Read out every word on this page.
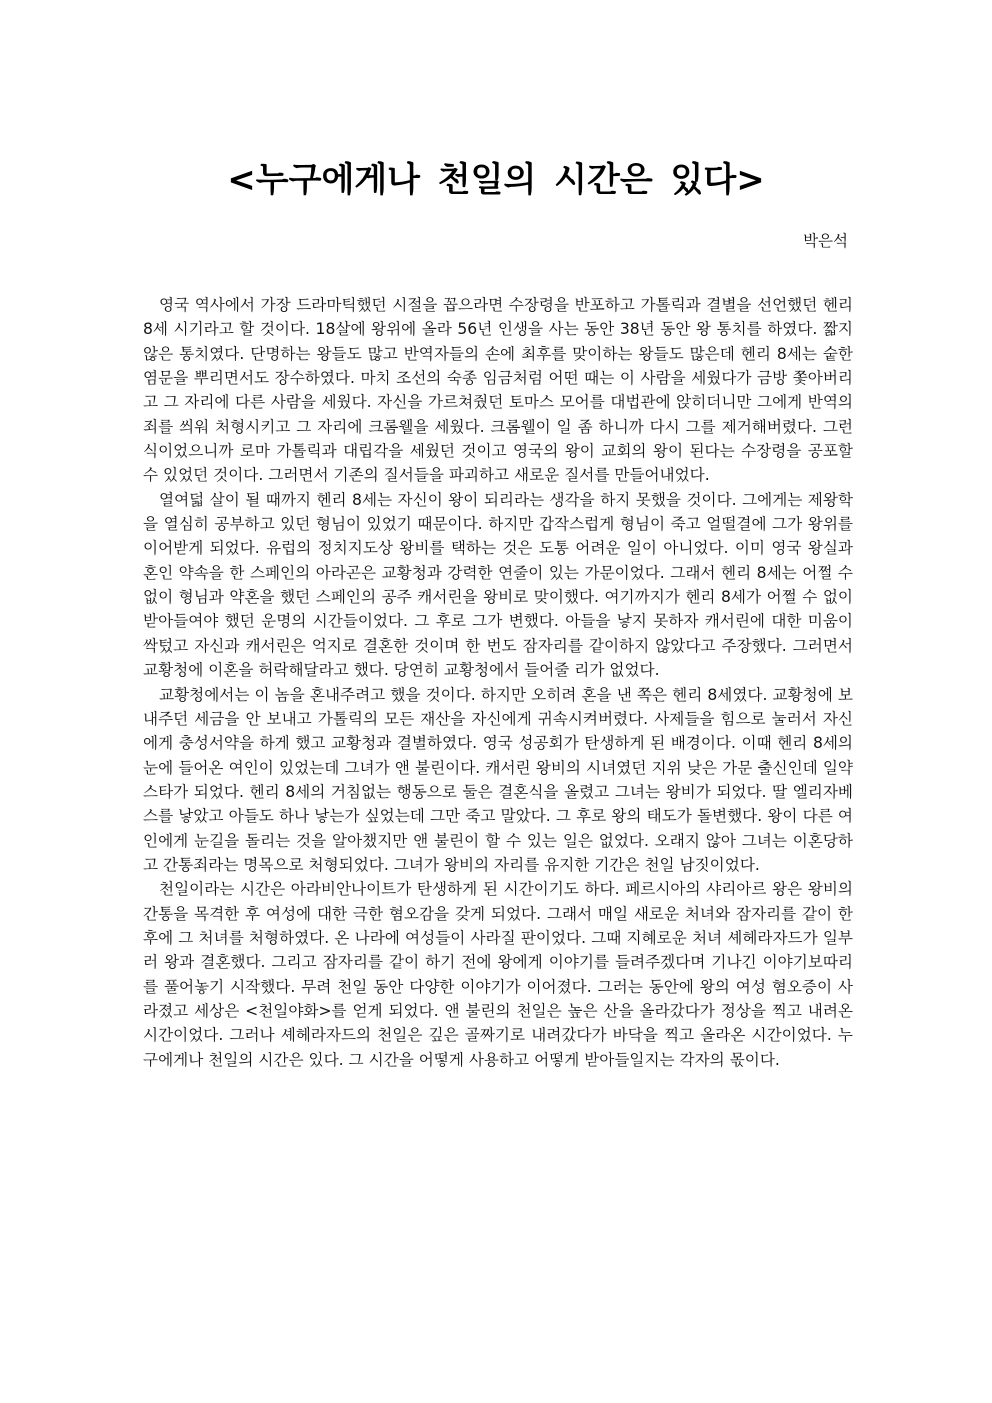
<누구에게나 천일의 시간은 있다>
박은석

영국 역사에서 가장 드라마틱했던 시절을 꼽으라면 수장령을 반포하고 가톨릭과 결별을 선언했던 헨리 8세 시기라고 할 것이다. 18살에 왕위에 올라 56년 인생을 사는 동안 38년 동안 왕 통치를 하였다. 짧지 않은 통치였다. 단명하는 왕들도 많고 반역자들의 손에 최후를 맞이하는 왕들도 많은데 헨리 8세는 숱한 염문을 뿌리면서도 장수하였다. 마치 조선의 숙종 임금처럼 어떤 때는 이 사람을 세웠다가 금방 쫓아버리고 그 자리에 다른 사람을 세웠다. 자신을 가르쳐줬던 토마스 모어를 대법관에 앉히더니만 그에게 반역의 죄를 씌워 처형시키고 그 자리에 크롬웰을 세웠다. 크롬웰이 일 좀 하니까 다시 그를 제거해버렸다. 그런 식이었으니까 로마 가톨릭과 대립각을 세웠던 것이고 영국의 왕이 교회의 왕이 된다는 수장령을 공포할 수 있었던 것이다. 그러면서 기존의 질서들을 파괴하고 새로운 질서를 만들어내었다.

열여덟 살이 될 때까지 헨리 8세는 자신이 왕이 되리라는 생각을 하지 못했을 것이다. 그에게는 제왕학을 열심히 공부하고 있던 형님이 있었기 때문이다. 하지만 갑작스럽게 형님이 죽고 얼떨결에 그가 왕위를 이어받게 되었다. 유럽의 정치지도상 왕비를 택하는 것은 도통 어려운 일이 아니었다. 이미 영국 왕실과 혼인 약속을 한 스페인의 아라곤은 교황청과 강력한 연줄이 있는 가문이었다. 그래서 헨리 8세는 어쩔 수 없이 형님과 약혼을 했던 스페인의 공주 캐서린을 왕비로 맞이했다. 여기까지가 헨리 8세가 어쩔 수 없이 받아들여야 했던 운명의 시간들이었다. 그 후로 그가 변했다. 아들을 낳지 못하자 캐서린에 대한 미움이 싹텄고 자신과 캐서린은 억지로 결혼한 것이며 한 번도 잠자리를 같이하지 않았다고 주장했다. 그러면서 교황청에 이혼을 허락해달라고 했다. 당연히 교황청에서 들어줄 리가 없었다.

교황청에서는 이 놈을 혼내주려고 했을 것이다. 하지만 오히려 혼을 낸 쪽은 헨리 8세였다. 교황청에 보내주던 세금을 안 보내고 가톨릭의 모든 재산을 자신에게 귀속시켜버렸다. 사제들을 힘으로 눌러서 자신에게 충성서약을 하게 했고 교황청과 결별하였다. 영국 성공회가 탄생하게 된 배경이다. 이때 헨리 8세의 눈에 들어온 여인이 있었는데 그녀가 앤 불린이다. 캐서린 왕비의 시녀였던 지위 낮은 가문 출신인데 일약 스타가 되었다. 헨리 8세의 거침없는 행동으로 둘은 결혼식을 올렸고 그녀는 왕비가 되었다. 딸 엘리자베스를 낳았고 아들도 하나 낳는가 싶었는데 그만 죽고 말았다. 그 후로 왕의 태도가 돌변했다. 왕이 다른 여인에게 눈길을 돌리는 것을 알아챘지만 앤 불린이 할 수 있는 일은 없었다. 오래지 않아 그녀는 이혼당하고 간통죄라는 명목으로 처형되었다. 그녀가 왕비의 자리를 유지한 기간은 천일 남짓이었다.

천일이라는 시간은 아라비안나이트가 탄생하게 된 시간이기도 하다. 페르시아의 샤리아르 왕은 왕비의 간통을 목격한 후 여성에 대한 극한 혐오감을 갖게 되었다. 그래서 매일 새로운 처녀와 잠자리를 같이 한 후에 그 처녀를 처형하였다. 온 나라에 여성들이 사라질 판이었다. 그때 지혜로운 처녀 셰헤라자드가 일부러 왕과 결혼했다. 그리고 잠자리를 같이 하기 전에 왕에게 이야기를 들려주겠다며 기나긴 이야기보따리를 풀어놓기 시작했다. 무려 천일 동안 다양한 이야기가 이어졌다. 그러는 동안에 왕의 여성 혐오증이 사라졌고 세상은 <천일야화>를 얻게 되었다. 앤 불린의 천일은 높은 산을 올라갔다가 정상을 찍고 내려온 시간이었다. 그러나 셰헤라자드의 천일은 깊은 골짜기로 내려갔다가 바닥을 찍고 올라온 시간이었다. 누구에게나 천일의 시간은 있다. 그 시간을 어떻게 사용하고 어떻게 받아들일지는 각자의 몫이다.
